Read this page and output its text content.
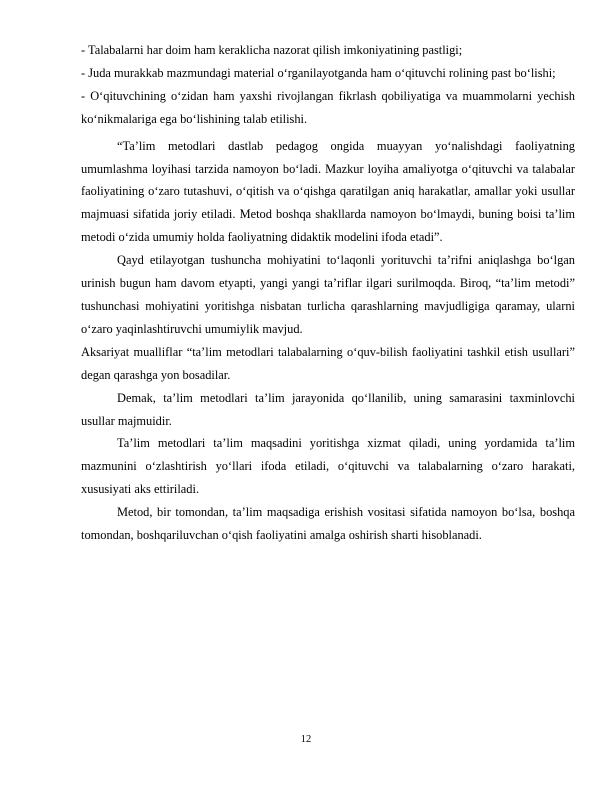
- Talabalarni har doim ham keraklicha nazorat qilish imkoniyatining pastligi;

- Juda murakkab mazmundagi material o‘rganilayotganda ham o‘qituvchi rolining past bo‘lishi;

- O‘qituvchining o‘zidan ham yaxshi rivojlangan fikrlash qobiliyatiga va muammolarni yechish ko‘nikmalariga ega bo‘lishining talab etilishi.

“Ta’lim metodlari dastlab pedagog ongida muayyan yo‘nalishdagi faoliyatning umumlashma loyihasi tarzida namoyon bo‘ladi. Mazkur loyiha amaliyotga o‘qituvchi va talabalar faoliyatining o‘zaro tutashuvi, o‘qitish va o‘qishga qaratilgan aniq harakatlar, amallar yoki usullar majmuasi sifatida joriy etiladi. Metod boshqa shakllarda namoyon bo‘lmaydi, buning boisi ta’lim metodi o‘zida umumiy holda faoliyatning didaktik modelini ifoda etadi”.

Qayd etilayotgan tushuncha mohiyatini to‘laqonli yorituvchi ta’rifni aniqlashga bo‘lgan urinish bugun ham davom etyapti, yangi yangi ta’riflar ilgari surilmoqda. Biroq, “ta’lim metodi” tushunchasi mohiyatini yoritishga nisbatan turlicha qarashlarning mavjudligiga qaramay, ularni o‘zaro yaqinlashtiruvchi umumiylik mavjud.

Aksariyat mualliflar “ta’lim metodlari talabalarning o‘quv-bilish faoliyatini tashkil etish usullari” degan qarashga yon bosadilar.

Demak, ta’lim metodlari ta’lim jarayonida qo‘llanilib, uning samarasini taxminlovchi usullar majmuidir.

Ta’lim metodlari ta’lim maqsadini yoritishga xizmat qiladi, uning yordamida ta’lim mazmunini o‘zlashtirish yo‘llari ifoda etiladi, o‘qituvchi va talabalarning o‘zaro harakati, xususiyati aks ettiriladi.

Metod, bir tomondan, ta’lim maqsadiga erishish vositasi sifatida namoyon bo‘lsa, boshqa tomondan, boshqariluvchan o‘qish faoliyatini amalga oshirish sharti hisoblanadi.

12
